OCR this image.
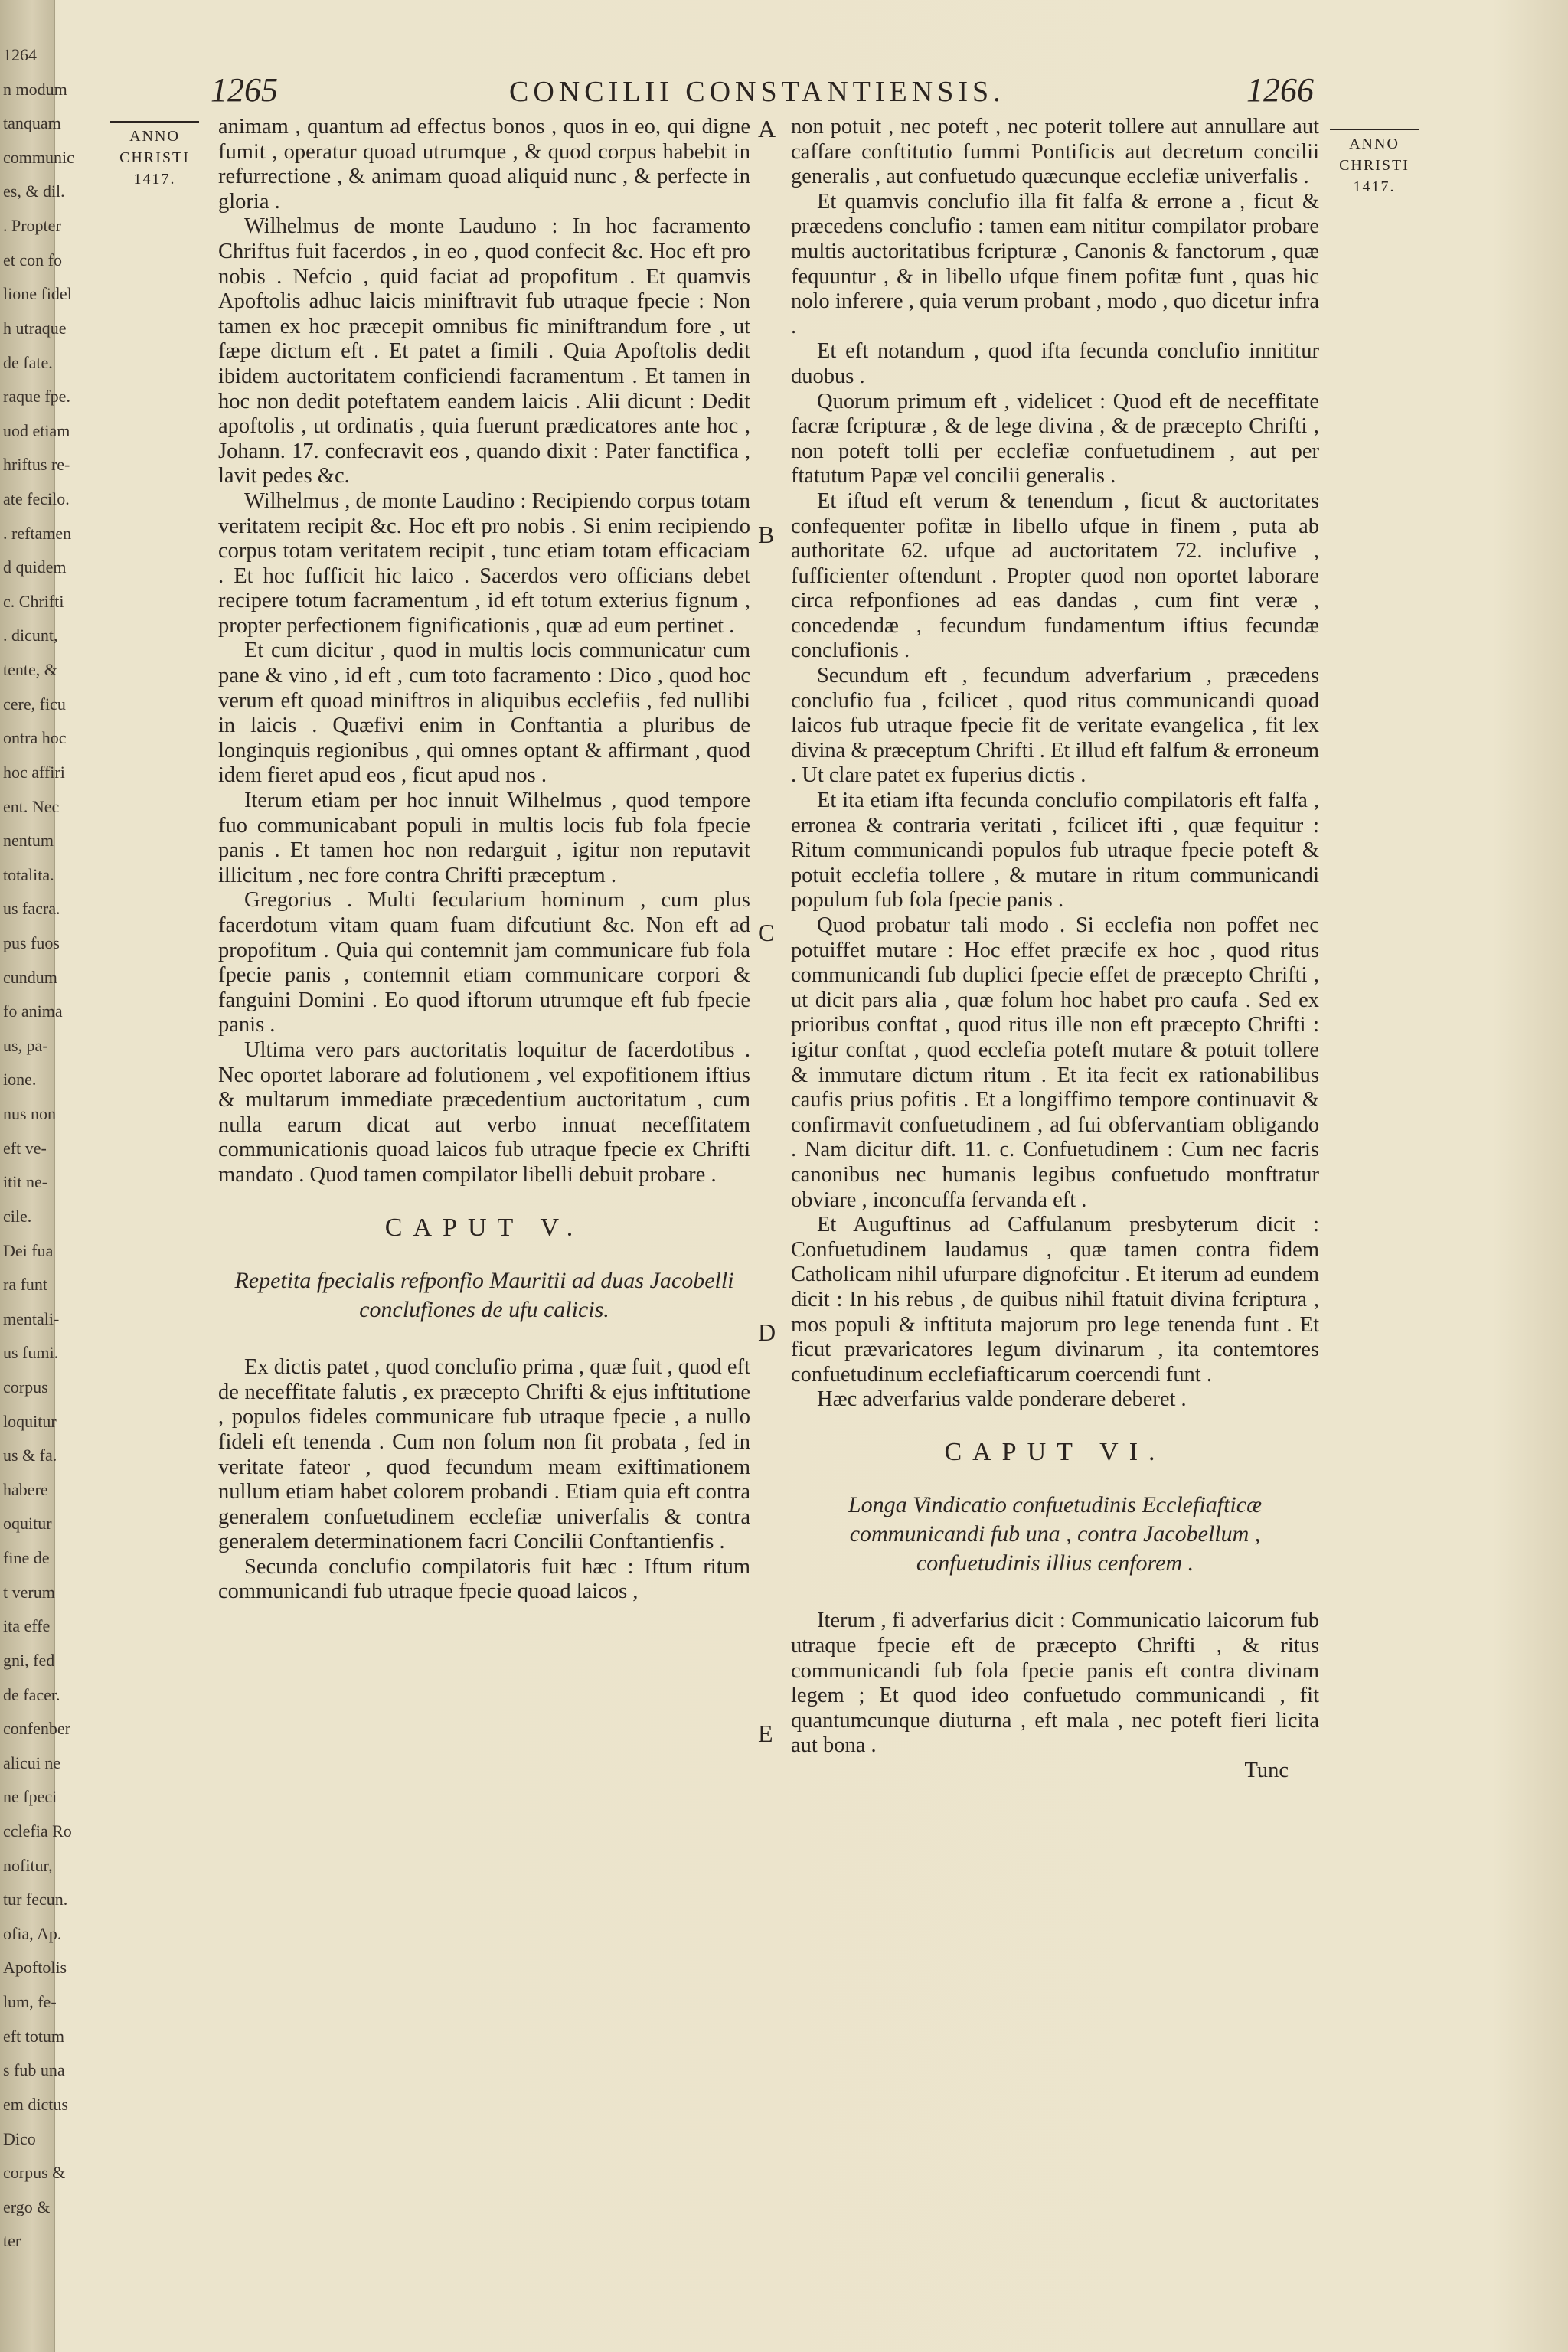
1264
n modum
tanquam
communic
es, & dil.
. Propter
et con fo
lione fidel
h utraque
de fate.
raque fpe.
uod etiam
hriftus re-
ate fecilo.
. reftamen
d quidem
c. Chrifti
. dicunt,
tente, &
cere, ficu
ontra hoc
hoc affiri
ent. Nec
nentum
totalita.
us facra.
pus fuos
cundum
fo anima
us, pa-
ione.
nus non
eft ve-
itit ne-
cile.
Dei fua
ra funt
mentali-
us fumi.
corpus
loquitur
us & fa.
habere
oquitur
fine de
t verum
ita effe
gni, fed
de facer.
confenber
alicui ne
ne fpeci
cclefia Ro
nofitur,
tur fecun.
ofia, Ap.
Apoftolis
lum, fe-
eft totum
s fub una
em dictus
Dico
corpus &
ergo &
ter
1265	CONCILII CONSTANTIENSIS.	1266
ANNO
CHRISTI
1417.
ANNO
CHRISTI
1417.
A
B
C
D
E

animam , quantum ad effectus bonos , quos in eo, qui digne fumit , operatur quoad utrumque , & quod corpus habebit in refurrectione , & animam quoad aliquid nunc , & perfecte in gloria .

Wilhelmus de monte Lauduno : In hoc facramento Chriftus fuit facerdos , in eo , quod confecit &c. Hoc eft pro nobis . Nefcio , quid faciat ad propofitum . Et quamvis Apoftolis adhuc laicis miniftravit fub utraque fpecie : Non tamen ex hoc præcepit omnibus fic miniftrandum fore , ut fæpe dictum eft . Et patet a fimili . Quia Apoftolis dedit ibidem auctoritatem conficiendi facramentum . Et tamen in hoc non dedit poteftatem eandem laicis . Alii dicunt : Dedit apoftolis , ut ordinatis , quia fuerunt prædicatores ante hoc , Johann. 17. confecravit eos , quando dixit : Pater fanctifica , lavit pedes &c.

Wilhelmus , de monte Laudino : Recipiendo corpus totam veritatem recipit &c. Hoc eft pro nobis . Si enim recipiendo corpus totam veritatem recipit , tunc etiam totam efficaciam . Et hoc fufficit hic laico . Sacerdos vero officians debet recipere totum facramentum , id eft totum exterius fignum , propter perfectionem fignificationis , quæ ad eum pertinet .

Et cum dicitur , quod in multis locis communicatur cum pane & vino , id eft , cum toto facramento : Dico , quod hoc verum eft quoad miniftros in aliquibus ecclefiis , fed nullibi in laicis . Quæfivi enim in Conftantia a pluribus de longinquis regionibus , qui omnes optant & affirmant , quod idem fieret apud eos , ficut apud nos .

Iterum etiam per hoc innuit Wilhelmus , quod tempore fuo communicabant populi in multis locis fub fola fpecie panis . Et tamen hoc non redarguit , igitur non reputavit illicitum , nec fore contra Chrifti præceptum .

Gregorius . Multi fecularium hominum , cum plus facerdotum vitam quam fuam difcutiunt &c. Non eft ad propofitum . Quia qui contemnit jam communicare fub fola fpecie panis , contemnit etiam communicare corpori & fanguini Domini . Eo quod iftorum utrumque eft fub fpecie panis .

Ultima vero pars auctoritatis loquitur de facerdotibus . Nec oportet laborare ad folutionem , vel expofitionem iftius & multarum immediate præcedentium auctoritatum , cum nulla earum dicat aut verbo innuat neceffitatem communicationis quoad laicos fub utraque fpecie ex Chrifti mandato . Quod tamen compilator libelli debuit probare .

CAPUT V.
Repetita fpecialis refponfio Mauritii ad duas Jacobelli conclufiones de ufu calicis.

Ex dictis patet , quod conclufio prima , quæ fuit , quod eft de neceffitate falutis , ex præcepto Chrifti & ejus inftitutione , populos fideles communicare fub utraque fpecie , a nullo fideli eft tenenda . Cum non folum non fit probata , fed in veritate fateor , quod fecundum meam exiftimationem nullum etiam habet colorem probandi . Etiam quia eft contra generalem confuetudinem ecclefiæ univerfalis & contra generalem determinationem facri Concilii Conftantienfis .

Secunda conclufio compilatoris fuit hæc : Iftum ritum communicandi fub utraque fpecie quoad laicos ,

non potuit , nec poteft , nec poterit tollere aut annullare aut caffare conftitutio fummi Pontificis aut decretum concilii generalis , aut confuetudo quæcunque ecclefiæ univerfalis .

Et quamvis conclufio illa fit falfa & errone a , ficut & præcedens conclufio : tamen eam nititur compilator probare multis auctoritatibus fcripturæ , Canonis & fanctorum , quæ fequuntur , & in libello ufque finem pofitæ funt , quas hic nolo inferere , quia verum probant , modo , quo dicetur infra .

Et eft notandum , quod ifta fecunda conclufio innititur duobus .

Quorum primum eft , videlicet : Quod eft de neceffitate facræ fcripturæ , & de lege divina , & de præcepto Chrifti , non poteft tolli per ecclefiæ confuetudinem , aut per ftatutum Papæ vel concilii generalis .

Et iftud eft verum & tenendum , ficut & auctoritates confequenter pofitæ in libello ufque in finem , puta ab authoritate 62. ufque ad auctoritatem 72. inclufive , fufficienter oftendunt . Propter quod non oportet laborare circa refponfiones ad eas dandas , cum fint veræ , concedendæ , fecundum fundamentum iftius fecundæ conclufionis .

Secundum eft , fecundum adverfarium , præcedens conclufio fua , fcilicet , quod ritus communicandi quoad laicos fub utraque fpecie fit de veritate evangelica , fit lex divina & præceptum Chrifti . Et illud eft falfum & erroneum . Ut clare patet ex fuperius dictis .

Et ita etiam ifta fecunda conclufio compilatoris eft falfa , erronea & contraria veritati , fcilicet ifti , quæ fequitur : Ritum communicandi populos fub utraque fpecie poteft & potuit ecclefia tollere , & mutare in ritum communicandi populum fub fola fpecie panis .

Quod probatur tali modo . Si ecclefia non poffet nec potuiffet mutare : Hoc effet præcife ex hoc , quod ritus communicandi fub duplici fpecie effet de præcepto Chrifti , ut dicit pars alia , quæ folum hoc habet pro caufa . Sed ex prioribus conftat , quod ritus ille non eft præcepto Chrifti : igitur conftat , quod ecclefia poteft mutare & potuit tollere & immutare dictum ritum . Et ita fecit ex rationabilibus caufis prius pofitis . Et a longiffimo tempore continuavit & confirmavit confuetudinem , ad fui obfervantiam obligando . Nam dicitur dift. 11. c. Confuetudinem : Cum nec facris canonibus nec humanis legibus confuetudo monftratur obviare , inconcuffa fervanda eft .

Et Auguftinus ad Caffulanum presbyterum dicit : Confuetudinem laudamus , quæ tamen contra fidem Catholicam nihil ufurpare dignofcitur . Et iterum ad eundem dicit : In his rebus , de quibus nihil ftatuit divina fcriptura , mos populi & inftituta majorum pro lege tenenda funt . Et ficut prævaricatores legum divinarum , ita contemtores confuetudinum ecclefiafticarum coercendi funt .

Hæc adverfarius valde ponderare deberet .

CAPUT VI.
Longa Vindicatio confuetudinis Ecclefiafticæ communicandi fub una , contra Jacobellum , confuetudinis illius cenforem .

Iterum , fi adverfarius dicit : Communicatio laicorum fub utraque fpecie eft de præcepto Chrifti , & ritus communicandi fub fola fpecie panis eft contra divinam legem ; Et quod ideo confuetudo communicandi , fit quantumcunque diuturna , eft mala , nec poteft fieri licita aut bona .

Tunc
